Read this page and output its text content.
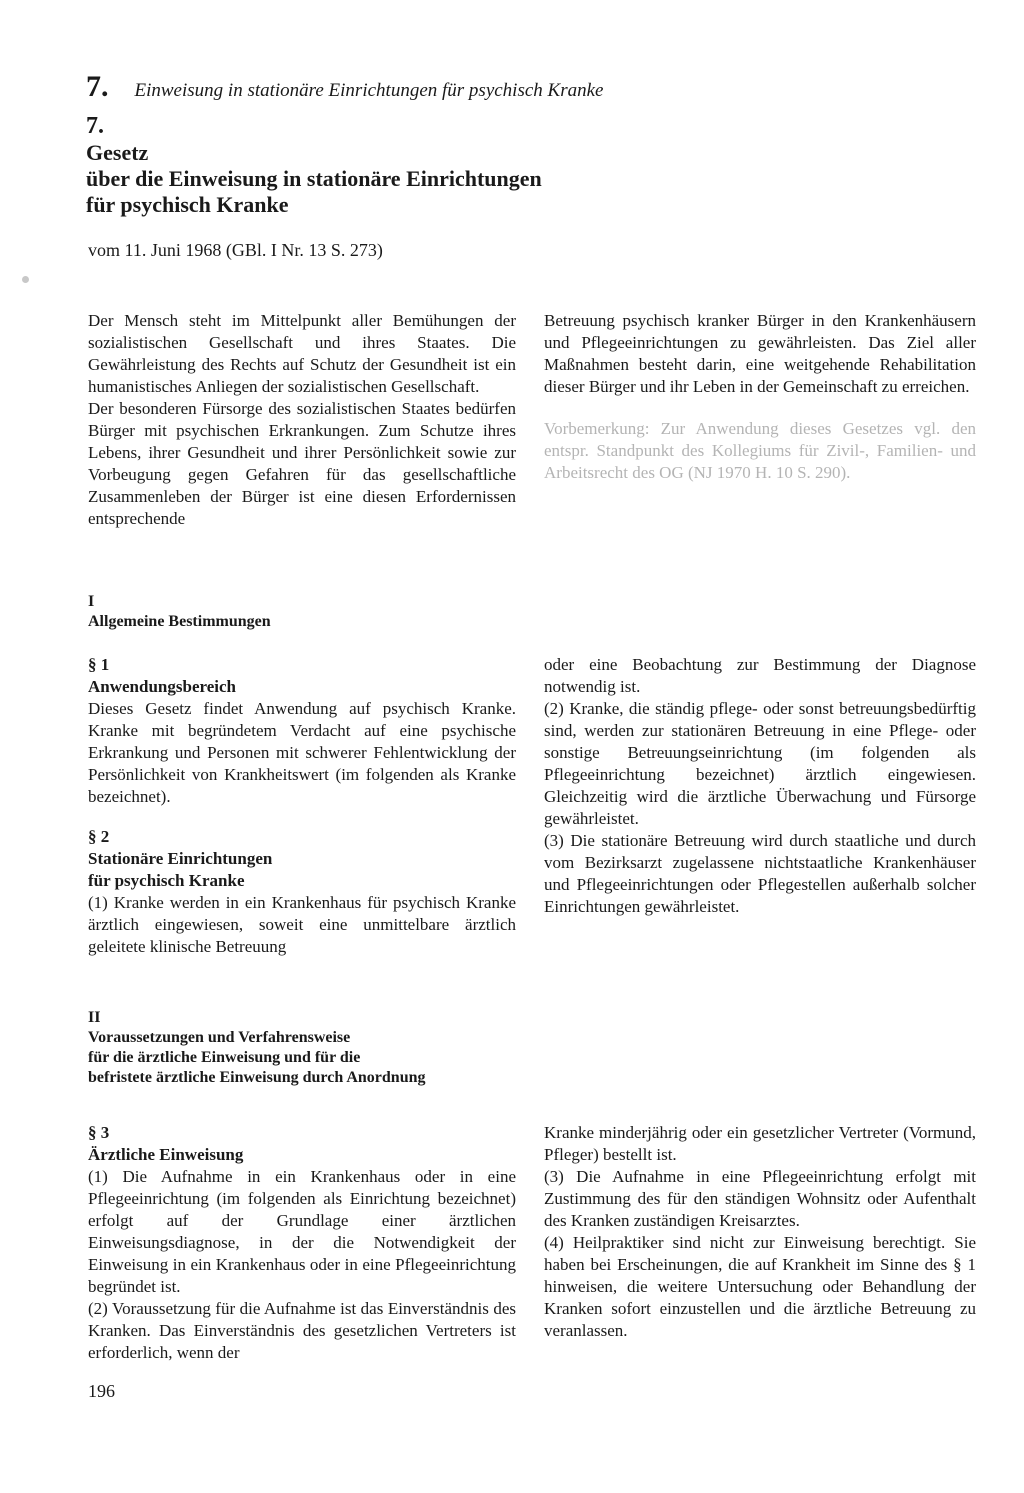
7. Einweisung in stationäre Einrichtungen für psychisch Kranke
7.
Gesetz
über die Einweisung in stationäre Einrichtungen
für psychisch Kranke
vom 11. Juni 1968 (GBl. I Nr. 13 S. 273)

Der Mensch steht im Mittelpunkt aller Bemühungen der sozialistischen Gesellschaft und ihres Staates. Die Gewährleistung des Rechts auf Schutz der Gesundheit ist ein humanistisches Anliegen der sozialistischen Gesellschaft.

Der besonderen Fürsorge des sozialistischen Staates bedürfen Bürger mit psychischen Erkrankungen. Zum Schutze ihres Lebens, ihrer Gesundheit und ihrer Persönlichkeit sowie zur Vorbeugung gegen Gefahren für das gesellschaftliche Zusammenleben der Bürger ist eine diesen Erfordernissen entsprechende

Betreuung psychisch kranker Bürger in den Krankenhäusern und Pflegeeinrichtungen zu gewährleisten. Das Ziel aller Maßnahmen besteht darin, eine weitgehende Rehabilitation dieser Bürger und ihr Leben in der Gemeinschaft zu erreichen.

Vorbemerkung: Zur Anwendung dieses Gesetzes vgl. den entspr. Standpunkt des Kollegiums für Zivil-, Familien- und Arbeitsrecht des OG (NJ 1970 H. 10 S. 290).

I
Allgemeine Bestimmungen
§ 1
Anwendungsbereich

Dieses Gesetz findet Anwendung auf psychisch Kranke. Kranke mit begründetem Verdacht auf eine psychische Erkrankung und Personen mit schwerer Fehlentwicklung der Persönlichkeit von Krankheitswert (im folgenden als Kranke bezeichnet).

§ 2
Stationäre Einrichtungen
für psychisch Kranke

(1) Kranke werden in ein Krankenhaus für psychisch Kranke ärztlich eingewiesen, soweit eine unmittelbare ärztlich geleitete klinische Betreuung

oder eine Beobachtung zur Bestimmung der Diagnose notwendig ist.

(2) Kranke, die ständig pflege- oder sonst betreuungsbedürftig sind, werden zur stationären Betreuung in eine Pflege- oder sonstige Betreuungseinrichtung (im folgenden als Pflegeeinrichtung bezeichnet) ärztlich eingewiesen. Gleichzeitig wird die ärztliche Überwachung und Fürsorge gewährleistet.

(3) Die stationäre Betreuung wird durch staatliche und durch vom Bezirksarzt zugelassene nichtstaatliche Krankenhäuser und Pflegeeinrichtungen oder Pflegestellen außerhalb solcher Einrichtungen gewährleistet.

II
Voraussetzungen und Verfahrensweise
für die ärztliche Einweisung und für die
befristete ärztliche Einweisung durch Anordnung
§ 3
Ärztliche Einweisung

(1) Die Aufnahme in ein Krankenhaus oder in eine Pflegeeinrichtung (im folgenden als Einrichtung bezeichnet) erfolgt auf der Grundlage einer ärztlichen Einweisungsdiagnose, in der die Notwendigkeit der Einweisung in ein Krankenhaus oder in eine Pflegeeinrichtung begründet ist.

(2) Voraussetzung für die Aufnahme ist das Einverständnis des Kranken. Das Einverständnis des gesetzlichen Vertreters ist erforderlich, wenn der

Kranke minderjährig oder ein gesetzlicher Vertreter (Vormund, Pfleger) bestellt ist.

(3) Die Aufnahme in eine Pflegeeinrichtung erfolgt mit Zustimmung des für den ständigen Wohnsitz oder Aufenthalt des Kranken zuständigen Kreisarztes.

(4) Heilpraktiker sind nicht zur Einweisung berechtigt. Sie haben bei Erscheinungen, die auf Krankheit im Sinne des § 1 hinweisen, die weitere Untersuchung oder Behandlung der Kranken sofort einzustellen und die ärztliche Betreuung zu veranlassen.

196
